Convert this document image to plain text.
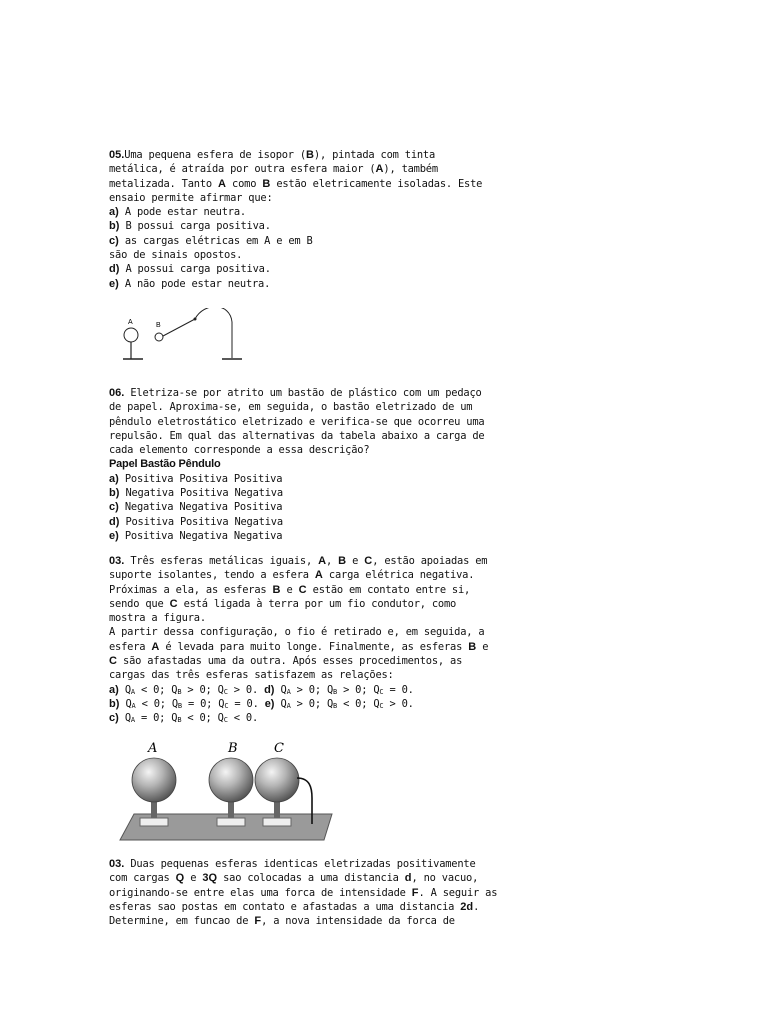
05.Uma pequena esfera de isopor (B), pintada com tinta
metálica, é atraída por outra esfera maior (A), também
metalizada. Tanto A como B estão eletricamente isoladas. Este
ensaio permite afirmar que:
a) A pode estar neutra.
b) B possui carga positiva.
c) as cargas elétricas em A e em B
são de sinais opostos.
d) A possui carga positiva.
e) A não pode estar neutra.
A	B
06. Eletriza-se por atrito um bastão de plástico com um pedaço
de papel. Aproxima-se, em seguida, o bastão eletrizado de um
pêndulo eletrostático eletrizado e verifica-se que ocorreu uma
repulsão. Em qual das alternativas da tabela abaixo a carga de
cada elemento corresponde a essa descrição?
Papel Bastão Pêndulo
a) Positiva Positiva Positiva
b) Negativa Positiva Negativa
c) Negativa Negativa Positiva
d) Positiva Positiva Negativa
e) Positiva Negativa Negativa
03. Três esferas metálicas iguais, A, B e C, estão apoiadas em
suporte isolantes, tendo a esfera A carga elétrica negativa.
Próximas a ela, as esferas B e C estão em contato entre si,
sendo que C está ligada à terra por um fio condutor, como
mostra a figura.
A partir dessa configuração, o fio é retirado e, em seguida, a
esfera A é levada para muito longe. Finalmente, as esferas B e
C são afastadas uma da outra. Após esses procedimentos, as
cargas das três esferas satisfazem as relações:
a) $Q_A < 0$; $Q_B > 0$; $Q_C > 0$. d) $Q_A > 0$; $Q_B > 0$; $Q_C = 0$.
b) $Q_A < 0$; $Q_B = 0$; $Q_C = 0$. e) $Q_A > 0$; $Q_B < 0$; $Q_C > 0$.
c) $Q_A = 0$; $Q_B < 0$; $Q_C < 0$.
A	B	C
03. Duas pequenas esferas identicas eletrizadas positivamente
com cargas Q e 3Q sao colocadas a uma distancia d, no vacuo,
originando-se entre elas uma forca de intensidade F. A seguir as
esferas sao postas em contato e afastadas a uma distancia 2d.
Determine, em funcao de F, a nova intensidade da forca de
